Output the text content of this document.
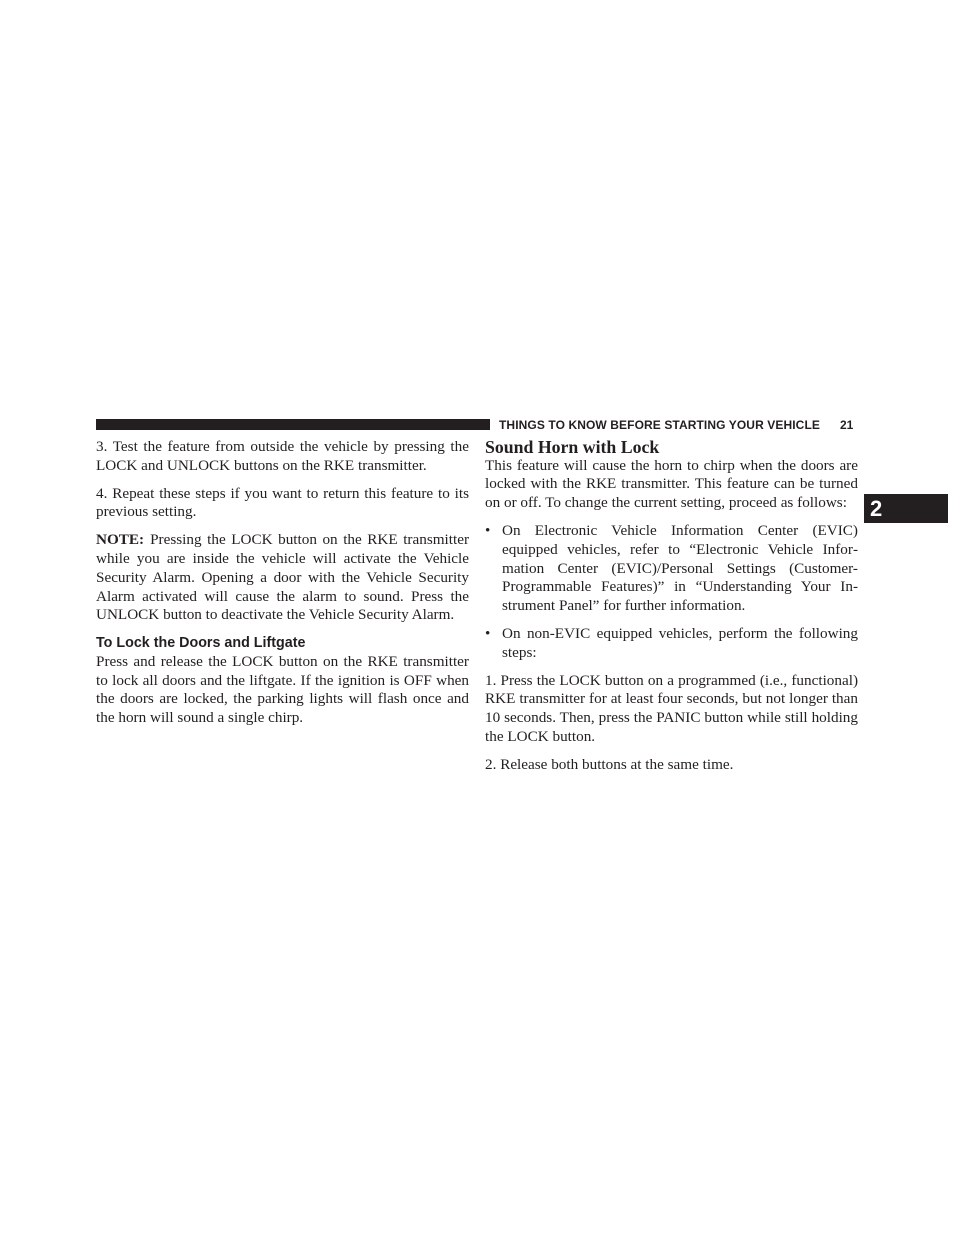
THINGS TO KNOW BEFORE STARTING YOUR VEHICLE	21
2

3. Test the feature from outside the vehicle by pressing the LOCK and UNLOCK buttons on the RKE transmitter.

4. Repeat these steps if you want to return this feature to its previous setting.

NOTE: Pressing the LOCK button on the RKE transmitter while you are inside the vehicle will activate the Vehicle Security Alarm. Opening a door with the Vehicle Security Alarm activated will cause the alarm to sound. Press the UNLOCK button to deactivate the Vehicle Security Alarm.

To Lock the Doors and Liftgate

Press and release the LOCK button on the RKE transmitter to lock all doors and the liftgate. If the ignition is OFF when the doors are locked, the parking lights will flash once and the horn will sound a single chirp.

Sound Horn with Lock

This feature will cause the horn to chirp when the doors are locked with the RKE transmitter. This feature can be turned on or off. To change the current setting, proceed as follows:

• On Electronic Vehicle Information Center (EVIC) equipped vehicles, refer to “Electronic Vehicle Information Center (EVIC)/Personal Settings (Customer-Programmable Features)” in “Understanding Your Instrument Panel” for further information.
• On non-EVIC equipped vehicles, perform the following steps:

1. Press the LOCK button on a programmed (i.e., functional) RKE transmitter for at least four seconds, but not longer than 10 seconds. Then, press the PANIC button while still holding the LOCK button.

2. Release both buttons at the same time.
